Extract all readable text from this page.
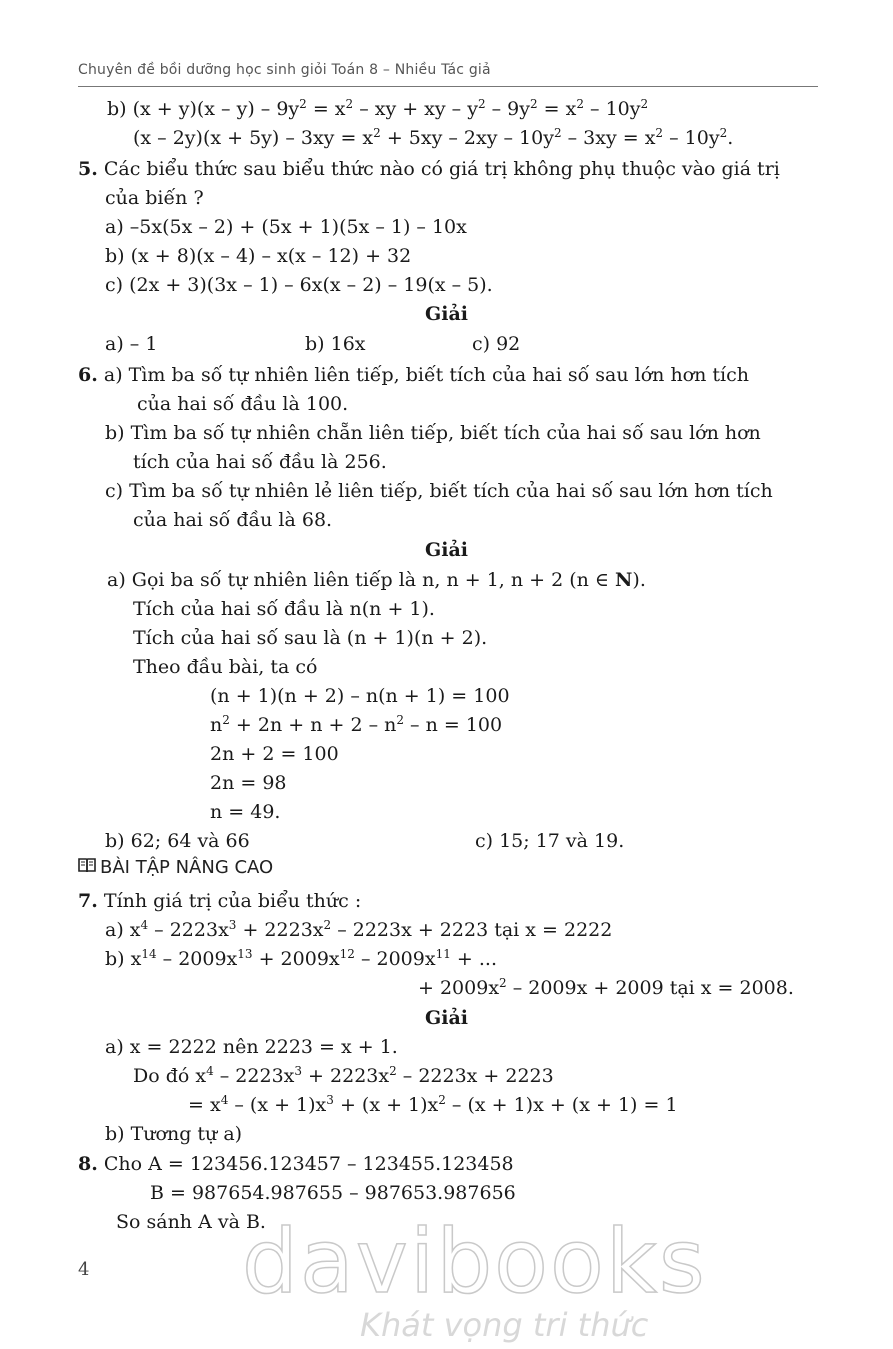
Chuyên đề bồi dưỡng học sinh giỏi Toán 8 – Nhiều Tác giả
b) $(x + y)(x - y) - 9y^2 = x^2$ – xy + xy – $y^2 - 9y^2 = x^2 - 10y^2$
$(x - 2y)(x + 5y) - 3xy = x^2 + 5xy - 2xy - 10y^2 - 3xy = x^2 - 10y^2$.
5. Các biểu thức sau biểu thức nào có giá trị không phụ thuộc vào giá trị
của biến ?
a) –5x(5x – 2) + (5x + 1)(5x – 1) – 10x
b) (x + 8)(x – 4) – x(x – 12) + 32
c) (2x + 3)(3x – 1) – 6x(x – 2) – 19(x – 5).
Giải
a) – 1	b) 16x	c) 92
6. a) Tìm ba số tự nhiên liên tiếp, biết tích của hai số sau lớn hơn tích
của hai số đầu là 100.
b) Tìm ba số tự nhiên chẵn liên tiếp, biết tích của hai số sau lớn hơn
tích của hai số đầu là 256.
c) Tìm ba số tự nhiên lẻ liên tiếp, biết tích của hai số sau lớn hơn tích
của hai số đầu là 68.
Giải
a) Gọi ba số tự nhiên liên tiếp là n, n + 1, n + 2 (n ∈ N).
Tích của hai số đầu là n(n + 1).
Tích của hai số sau là (n + 1)(n + 2).
Theo đầu bài, ta có
(n + 1)(n + 2) – n(n + 1) = 100
$n^2 + 2n + n + 2 - n^2 - n = 100$
2n + 2 = 100
2n = 98
n = 49.
b) 62; 64 và 66	c) 15; 17 và 19.
BÀI TẬP NÂNG CAO
7. Tính giá trị của biểu thức :
a) $x^4 - 2223x^3 + 2223x^2 - 2223x + 2223$ tại x = 2222
b) $x^{14} - 2009x^{13} + 2009x^{12} - 2009x^{11}$ + ...
+ $2009x^2 - 2009x + 2009$ tại x = 2008.
Giải
a) x = 2222 nên 2223 = x + 1.
Do đó $x^4 - 2223x^3 + 2223x^2 - 2223x + 2223$
= $x^4 - (x + 1)x^3 + (x + 1)x^2 - (x + 1)x + (x + 1) = 1$
b) Tương tự a)
8. Cho A = 123456.123457 – 123455.123458
B = 987654.987655 – 987653.987656
So sánh A và B.
4 davibooks
Khát vọng tri thức
